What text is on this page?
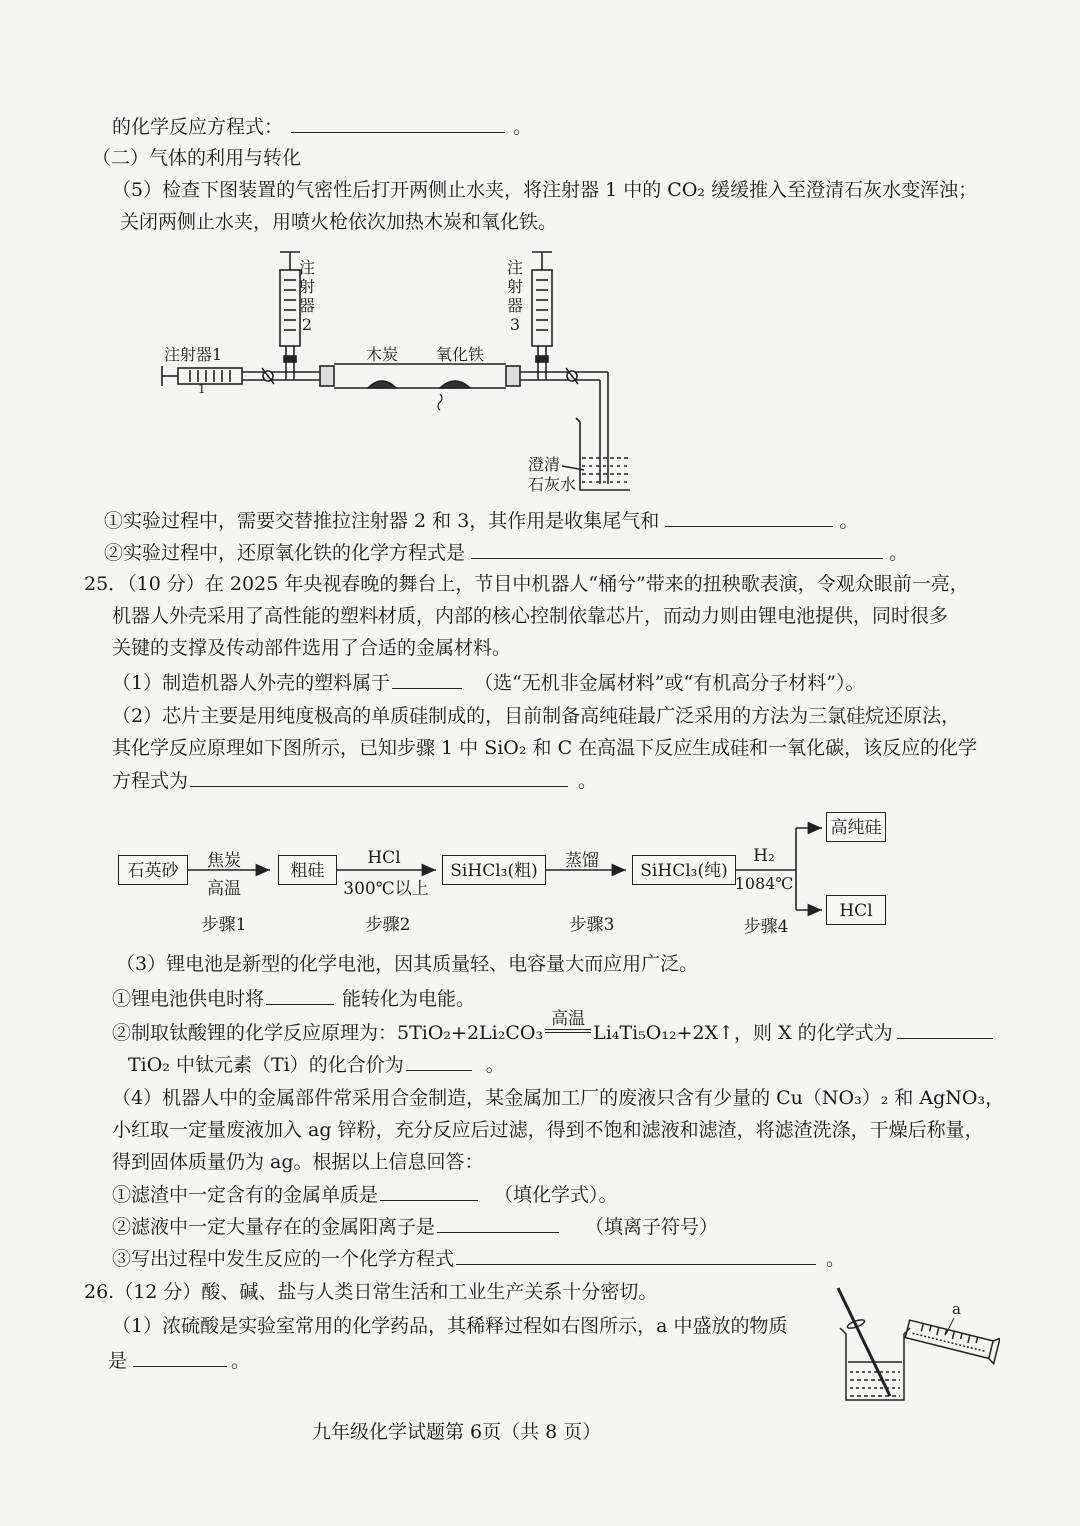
的化学反应方程式：	。
（二）气体的利用与转化
（5）检查下图装置的气密性后打开两侧止水夹，将注射器 1 中的 CO₂ 缓缓推入至澄清石灰水变浑浊；
关闭两侧止水夹，用喷火枪依次加热木炭和氧化铁。
注射器1
1
注
射
器
2
注
射
器
3
木炭 氧化铁
澄清
石灰水
①实验过程中，需要交替推拉注射器 2 和 3，其作用是收集尾气和	。
②实验过程中，还原氧化铁的化学方程式是	。
25．（10 分）在 2025 年央视春晚的舞台上，节目中机器人“桶兮”带来的扭秧歌表演，令观众眼前一亮，
机器人外壳采用了高性能的塑料材质，内部的核心控制依靠芯片，而动力则由锂电池提供，同时很多
关键的支撑及传动部件选用了合适的金属材料。
（1）制造机器人外壳的塑料属于	（选“无机非金属材料”或“有机高分子材料”）。
（2）芯片主要是用纯度极高的单质硅制成的，目前制备高纯硅最广泛采用的方法为三氯硅烷还原法，
其化学反应原理如下图所示，已知步骤 1 中 SiO₂ 和 C 在高温下反应生成硅和一氧化碳，该反应的化学
方程式为	。
石英砂	粗硅	SiHCl₃(粗)	SiHCl₃(纯)
高纯硅
HCl
焦炭
高温
HCl
300℃以上
蒸馏	H₂
1084℃
步骤1	步骤2	步骤3	步骤4
（3）锂电池是新型的化学电池，因其质量轻、电容量大而应用广泛。
①锂电池供电时将	能转化为电能。
②制取钛酸锂的化学反应原理为：5TiO₂+2Li₂CO₃
高温
Li₄Ti₅O₁₂+2X↑，则 X 的化学式为
TiO₂ 中钛元素（Ti）的化合价为	。
（4）机器人中的金属部件常采用合金制造，某金属加工厂的废液只含有少量的 Cu（NO₃）₂ 和 AgNO₃，
小红取一定量废液加入 ag 锌粉，充分反应后过滤，得到不饱和滤液和滤渣，将滤渣洗涤，干燥后称量，
得到固体质量仍为 ag。根据以上信息回答：
①滤渣中一定含有的金属单质是	（填化学式）。
②滤液中一定大量存在的金属阳离子是	（填离子符号）
③写出过程中发生反应的一个化学方程式	。
26.（12 分）酸、碱、盐与人类日常生活和工业生产关系十分密切。
（1）浓硫酸是实验室常用的化学药品，其稀释过程如右图所示，a 中盛放的物质
是	。
a
九年级化学试题第 6页（共 8 页）
